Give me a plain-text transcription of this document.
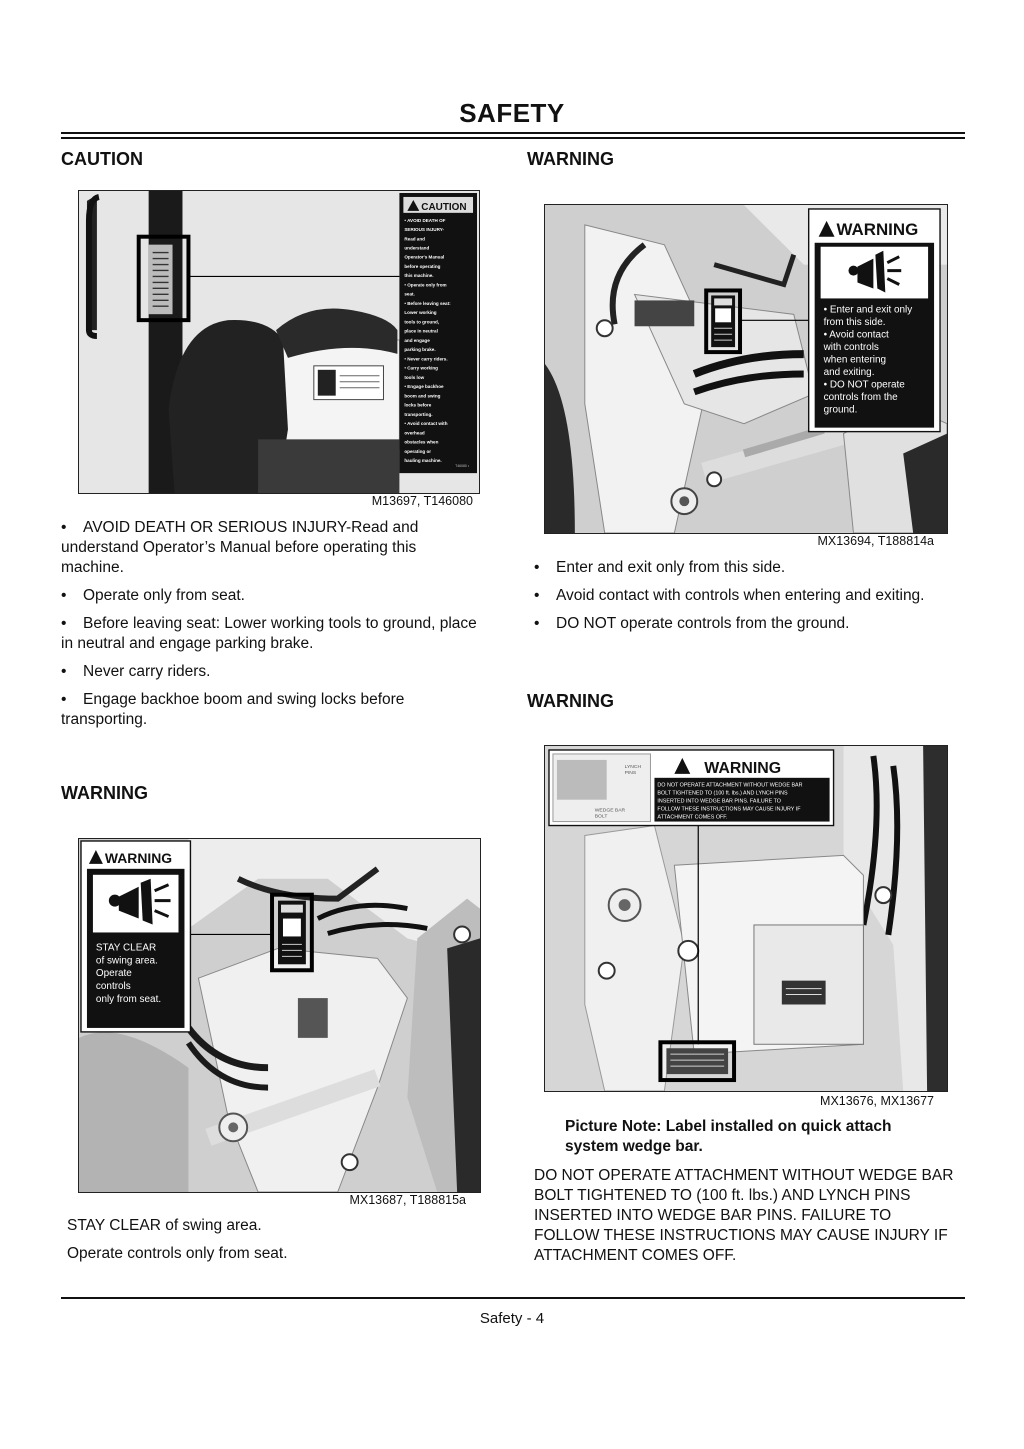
SAFETY
CAUTION
CAUTION
• AVOID DEATH OF
SERIOUS INJURY-
Read and
understand
Operator's Manual
before operating
this machine.
• Operate only from
seat.
• Before leaving seat:
Lower working
tools to ground,
place in neutral
and engage
parking brake.
• Never carry riders.
• Carry working
tools low
• Engage backhoe
boom and swing
locks before
transporting.
• Avoid contact with
overhead
obstacles when
operating or
hauling machine.
T46080 •
M13697, T146080
• AVOID DEATH OR SERIOUS INJURY-Read and understand Operator’s Manual before operating this machine.
• Operate only from seat.
• Before leaving seat: Lower working tools to ground, place in neutral and engage parking brake.
• Never carry riders.
• Engage backhoe boom and swing locks before transporting.
WARNING
WARNING
STAY CLEAR
of swing area.
Operate
controls
only from seat.
MX13687, T188815a

STAY CLEAR of swing area.

Operate controls only from seat.

WARNING
WARNING
• Enter and exit only
from this side.
• Avoid contact
with controls
when entering
and exiting.
• DO NOT operate
controls from the
ground.
MX13694, T188814a
• Enter and exit only from this side.
• Avoid contact with controls when entering and exiting.
• DO NOT operate controls from the ground.
WARNING
LYNCH
PINS
WEDGE BAR
BOLT
WARNING
DO NOT OPERATE ATTACHMENT WITHOUT WEDGE BAR
BOLT TIGHTENED TO (100 ft. lbs.) AND LYNCH PINS
INSERTED INTO WEDGE BAR PINS. FAILURE TO
FOLLOW THESE INSTRUCTIONS MAY CAUSE INJURY IF
ATTACHMENT COMES OFF.
MX13676, MX13677
Picture Note: Label installed on quick attach system wedge bar.
DO NOT OPERATE ATTACHMENT WITHOUT WEDGE BAR BOLT TIGHTENED TO (100 ft. lbs.) AND LYNCH PINS INSERTED INTO WEDGE BAR PINS. FAILURE TO FOLLOW THESE INSTRUCTIONS MAY CAUSE INJURY IF ATTACHMENT COMES OFF.
Safety - 4
